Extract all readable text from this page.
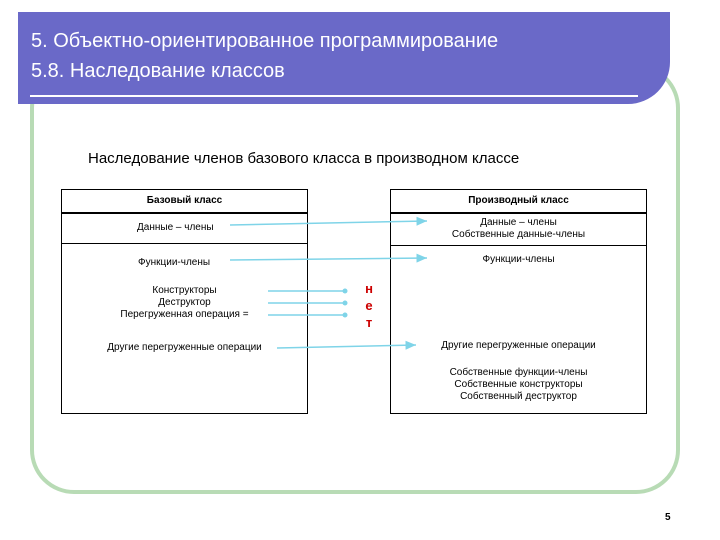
5. Объектно-ориентированное программирование
5.8. Наследование классов
Наследование членов базового класса в производном классе
Базовый класс
Данные – члены
Функции-члены
Конструкторы
Деструктор
Перегруженная операция =
Другие перегруженные операции
Производный класс
Данные – члены
Собственные данные-члены
Функции-члены
Другие перегруженные операции
Собственные функции-члены
Собственные конструкторы
Собственный деструктор
н
е
т
5
